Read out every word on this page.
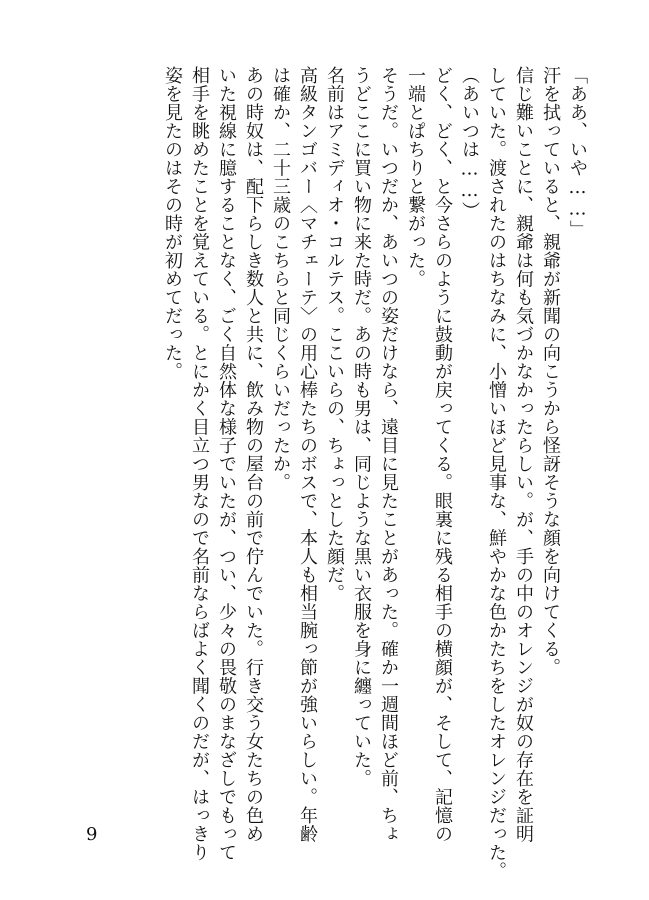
「ああ、いや……」
汗を拭っていると、親爺が新聞の向こうから怪訝そうな顔を向けてくる。
信じ難いことに、親爺は何も気づかなかったらしい。が、手の中のオレンジが奴の存在を証明
していた。渡されたのはちなみに、小憎いほど見事な、鮮やかな色かたちをしたオレンジだった。
（あいつは……）
どく、どく、と今さらのように鼓動が戻ってくる。眼裏に残る相手の横顔が、そして、記憶の
一端とぱちりと繋がった。
そうだ。いつだか、あいつの姿だけなら、遠目に見たことがあった。確か一週間ほど前、ちょ
うどここに買い物に来た時だ。あの時も男は、同じような黒い衣服を身に纏っていた。
名前はアミディオ・コルテス。ここいらの、ちょっとした顔だ。
高級タンゴバー〈マチェーテ〉の用心棒たちのボスで、本人も相当腕っ節が強いらしい。年齢
は確か、二十三歳のこちらと同じくらいだったか。
あの時奴は、配下らしき数人と共に、飲み物の屋台の前で佇んでいた。行き交う女たちの色め
いた視線に臆することなく、ごく自然体な様子でいたが、つい、少々の畏敬のまなざしでもって
相手を眺めたことを覚えている。とにかく目立つ男なので名前ならばよく聞くのだが、はっきり
姿を見たのはその時が初めてだった。
9
